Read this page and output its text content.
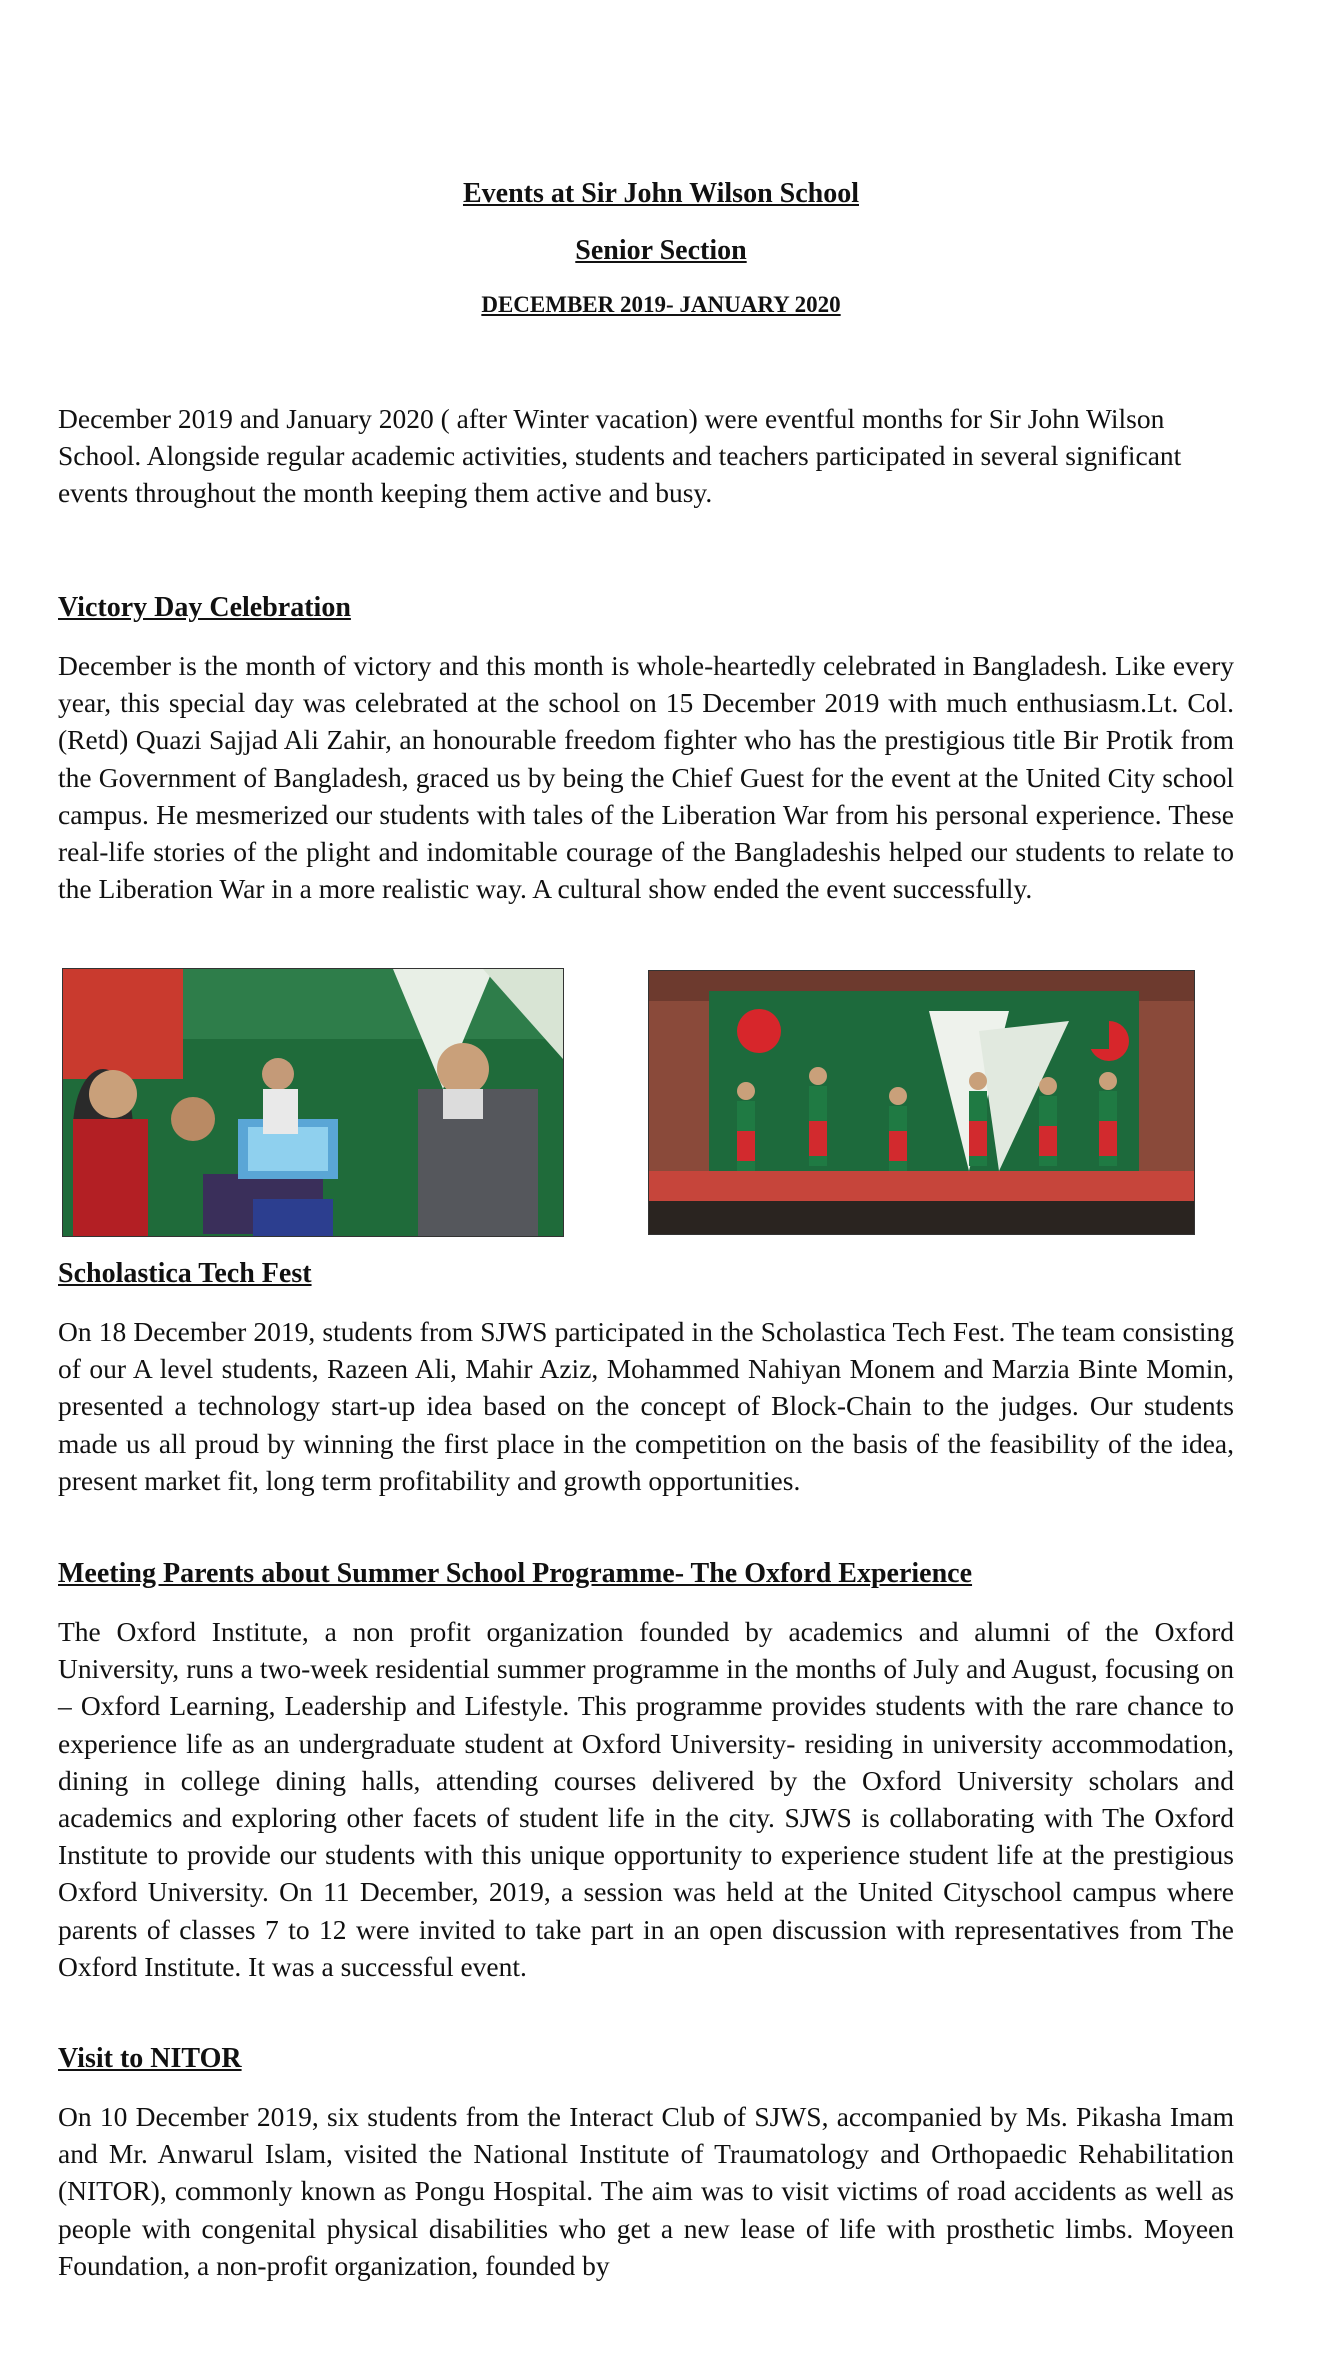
Events at Sir John Wilson School
Senior Section
DECEMBER 2019- JANUARY 2020

December 2019 and January 2020 ( after Winter vacation) were eventful months for Sir John Wilson School. Alongside regular academic activities, students and teachers participated in several significant events throughout the month keeping them active and busy.

Victory Day Celebration

December is the month of victory and this month is whole-heartedly celebrated in Bangladesh. Like every year, this special day was celebrated at the school on 15 December 2019 with much enthusiasm.Lt. Col. (Retd) Quazi Sajjad Ali Zahir, an honourable freedom fighter who has the prestigious title Bir Protik from the Government of Bangladesh, graced us by being the Chief Guest for the event at the United City school campus. He mesmerized our students with tales of the Liberation War from his personal experience. These real-life stories of the plight and indomitable courage of the Bangladeshis helped our students to relate to the Liberation War in a more realistic way. A cultural show ended the event successfully.

Scholastica Tech Fest

On 18 December 2019, students from SJWS participated in the Scholastica Tech Fest. The team consisting of our A level students, Razeen Ali, Mahir Aziz, Mohammed Nahiyan Monem and Marzia Binte Momin, presented a technology start-up idea based on the concept of Block-Chain to the judges. Our students made us all proud by winning the first place in the competition on the basis of the feasibility of the idea, present market fit, long term profitability and growth opportunities.

Meeting Parents about Summer School Programme- The Oxford Experience

The Oxford Institute, a non profit organization founded by academics and alumni of the Oxford University, runs a two-week residential summer programme in the months of July and August, focusing on – Oxford Learning, Leadership and Lifestyle. This programme provides students with the rare chance to experience life as an undergraduate student at Oxford University- residing in university accommodation, dining in college dining halls, attending courses delivered by the Oxford University scholars and academics and exploring other facets of student life in the city. SJWS is collaborating with The Oxford Institute to provide our students with this unique opportunity to experience student life at the prestigious Oxford University. On 11 December, 2019, a session was held at the United Cityschool campus where parents of classes 7 to 12 were invited to take part in an open discussion with representatives from The Oxford Institute. It was a successful event.

Visit to NITOR

On 10 December 2019, six students from the Interact Club of SJWS, accompanied by Ms. Pikasha Imam and Mr. Anwarul Islam, visited the National Institute of Traumatology and Orthopaedic Rehabilitation (NITOR), commonly known as Pongu Hospital. The aim was to visit victims of road accidents as well as people with congenital physical disabilities who get a new lease of life with prosthetic limbs. Moyeen Foundation, a non-profit organization, founded by
